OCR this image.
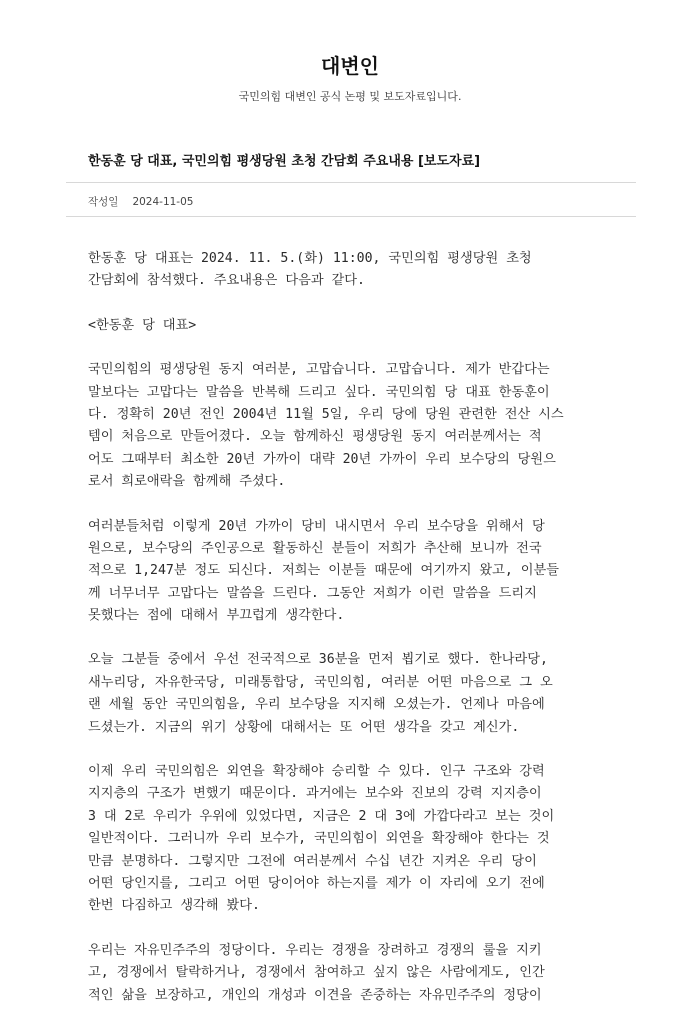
대변인
국민의힘 대변인 공식 논평 및 보도자료입니다.
한동훈 당 대표, 국민의힘 평생당원 초청 간담회 주요내용 [보도자료]
작성일 2024-11-05
한동훈 당 대표는 2024. 11. 5.(화) 11:00, 국민의힘 평생당원 초청
간담회에 참석했다. 주요내용은 다음과 같다.
<한동훈 당 대표>
국민의힘의 평생당원 동지 여러분, 고맙습니다. 고맙습니다. 제가 반갑다는
말보다는 고맙다는 말씀을 반복해 드리고 싶다. 국민의힘 당 대표 한동훈이
다. 정확히 20년 전인 2004년 11월 5일, 우리 당에 당원 관련한 전산 시스
템이 처음으로 만들어졌다. 오늘 함께하신 평생당원 동지 여러분께서는 적
어도 그때부터 최소한 20년 가까이 대략 20년 가까이 우리 보수당의 당원으
로서 희로애락을 함께해 주셨다.
여러분들처럼 이렇게 20년 가까이 당비 내시면서 우리 보수당을 위해서 당
원으로, 보수당의 주인공으로 활동하신 분들이 저희가 추산해 보니까 전국
적으로 1,247분 정도 되신다. 저희는 이분들 때문에 여기까지 왔고, 이분들
께 너무너무 고맙다는 말씀을 드린다. 그동안 저희가 이런 말씀을 드리지
못했다는 점에 대해서 부끄럽게 생각한다.
오늘 그분들 중에서 우선 전국적으로 36분을 먼저 뵙기로 했다. 한나라당,
새누리당, 자유한국당, 미래통합당, 국민의힘, 여러분 어떤 마음으로 그 오
랜 세월 동안 국민의힘을, 우리 보수당을 지지해 오셨는가. 언제나 마음에
드셨는가. 지금의 위기 상황에 대해서는 또 어떤 생각을 갖고 계신가.
이제 우리 국민의힘은 외연을 확장해야 승리할 수 있다. 인구 구조와 강력
지지층의 구조가 변했기 때문이다. 과거에는 보수와 진보의 강력 지지층이
3 대 2로 우리가 우위에 있었다면, 지금은 2 대 3에 가깝다라고 보는 것이
일반적이다. 그러니까 우리 보수가, 국민의힘이 외연을 확장해야 한다는 것
만큼 분명하다. 그렇지만 그전에 여러분께서 수십 년간 지켜온 우리 당이
어떤 당인지를, 그리고 어떤 당이어야 하는지를 제가 이 자리에 오기 전에
한번 다짐하고 생각해 봤다.
우리는 자유민주주의 정당이다. 우리는 경쟁을 장려하고 경쟁의 룰을 지키
고, 경쟁에서 탈락하거나, 경쟁에서 참여하고 싶지 않은 사람에게도, 인간
적인 삶을 보장하고, 개인의 개성과 이견을 존중하는 자유민주주의 정당이
